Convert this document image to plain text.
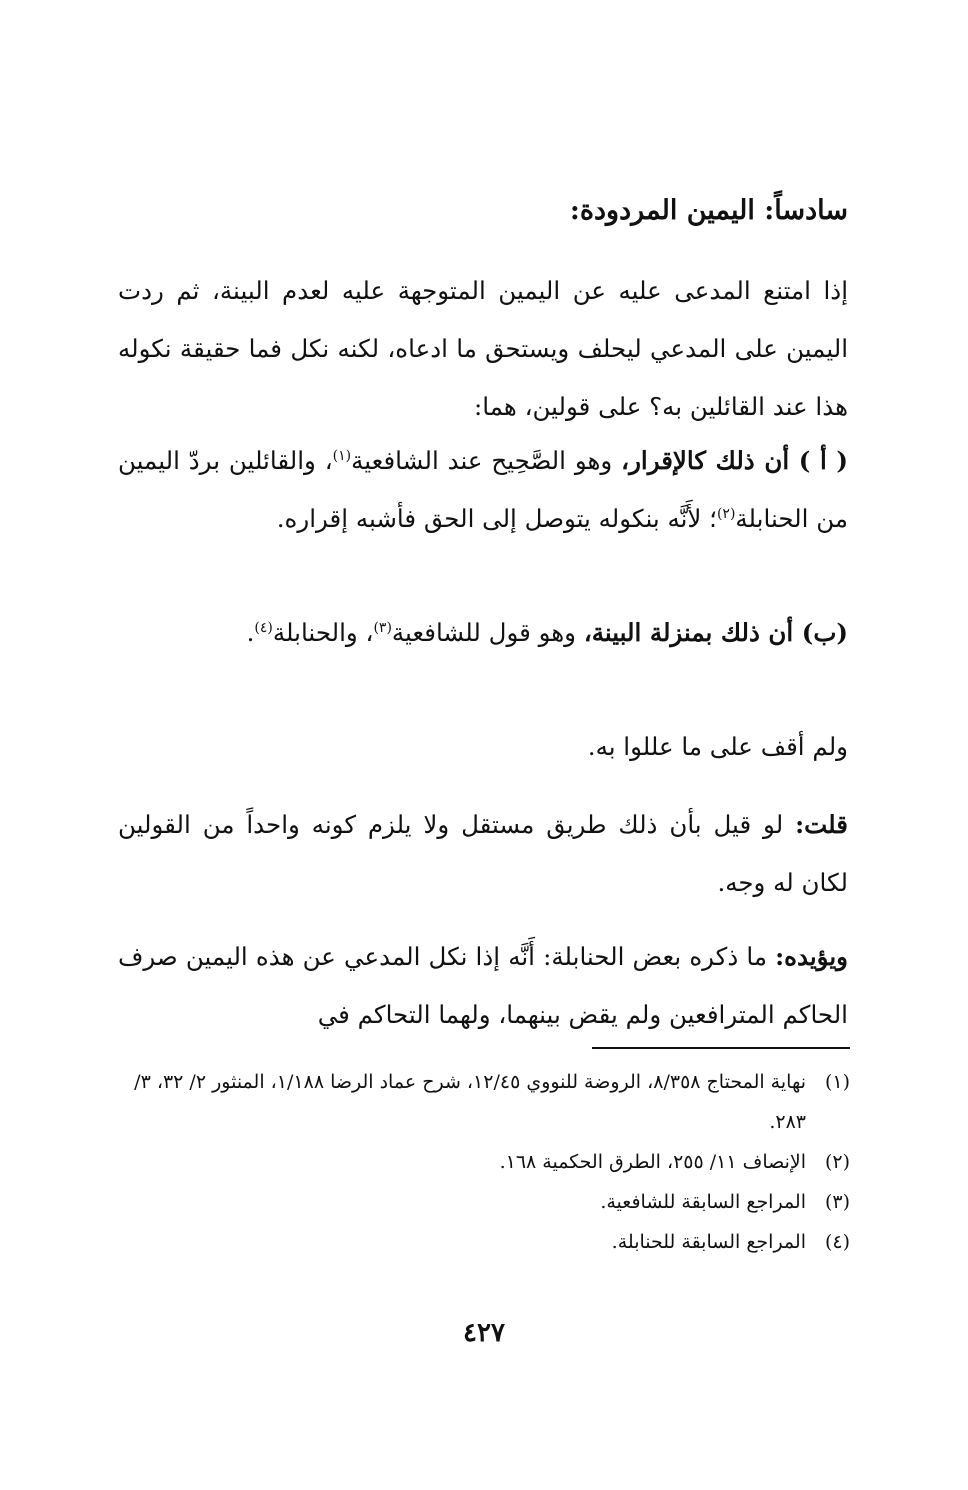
سادساً: اليمين المردودة:

إذا امتنع المدعى عليه عن اليمين المتوجهة عليه لعدم البينة، ثم ردت اليمين على المدعي ليحلف ويستحق ما ادعاه، لكنه نكل فما حقيقة نكوله هذا عند القائلين به؟ على قولين، هما:

( أ ) أن ذلك كالإقرار، وهو الصَّحِيح عند الشافعية$^{(١)}$، والقائلين بردّ اليمين من الحنابلة$^{(٢)}$؛ لأَنَّه بنكوله يتوصل إلى الحق فأشبه إقراره.

(ب) أن ذلك بمنزلة البينة، وهو قول للشافعية$^{(٣)}$، والحنابلة$^{(٤)}$.

ولم أقف على ما عللوا به.

قلت: لو قيل بأن ذلك طريق مستقل ولا يلزم كونه واحداً من القولين لكان له وجه.

ويؤيده: ما ذكره بعض الحنابلة: أَنَّه إذا نكل المدعي عن هذه اليمين صرف الحاكم المترافعين ولم يقض بينهما، ولهما التحاكم في

(١)
نهاية المحتاج ٨/٣٥٨، الروضة للنووي ١٢/٤٥، شرح عماد الرضا ١/١٨٨، المنثور ٢/ ٣٢، ٣/ ٢٨٣.
(٢)
الإنصاف ١١/ ٢٥٥، الطرق الحكمية ١٦٨.
(٣)
المراجع السابقة للشافعية.
(٤)
المراجع السابقة للحنابلة.
٤٢٧
